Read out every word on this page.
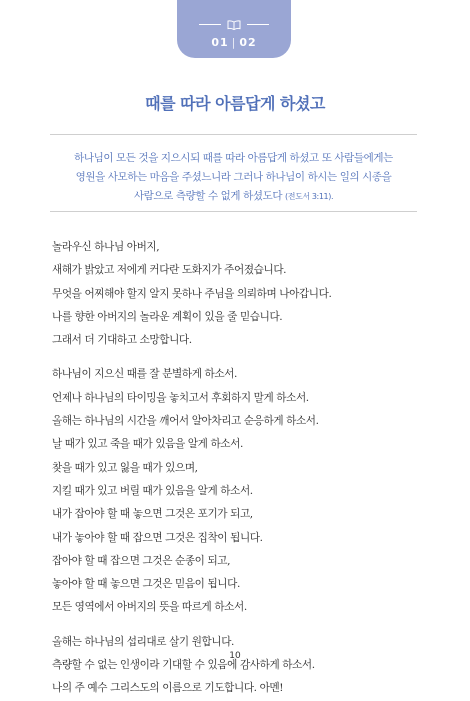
01 | 02
때를 따라 아름답게 하셨고
하나님이 모든 것을 지으시되 때를 따라 아름답게 하셨고 또 사람들에게는
영원을 사모하는 마음을 주셨느니라 그러나 하나님이 하시는 일의 시종을
사람으로 측량할 수 없게 하셨도다 (전도서 3:11).

놀라우신 하나님 아버지,
새해가 밝았고 저에게 커다란 도화지가 주어졌습니다.
무엇을 어찌해야 할지 알지 못하나 주님을 의뢰하며 나아갑니다.
나를 향한 아버지의 놀라운 계획이 있을 줄 믿습니다.
그래서 더 기대하고 소망합니다.

하나님이 지으신 때를 잘 분별하게 하소서.
언제나 하나님의 타이밍을 놓치고서 후회하지 말게 하소서.
올해는 하나님의 시간을 깨어서 알아차리고 순응하게 하소서.
날 때가 있고 죽을 때가 있음을 알게 하소서.
찾을 때가 있고 잃을 때가 있으며,
지킬 때가 있고 버릴 때가 있음을 알게 하소서.
내가 잡아야 할 때 놓으면 그것은 포기가 되고,
내가 놓아야 할 때 잡으면 그것은 집착이 됩니다.
잡아야 할 때 잡으면 그것은 순종이 되고,
놓아야 할 때 놓으면 그것은 믿음이 됩니다.
모든 영역에서 아버지의 뜻을 따르게 하소서.

올해는 하나님의 섭리대로 살기 원합니다.
측량할 수 없는 인생이라 기대할 수 있음에 감사하게 하소서.
나의 주 예수 그리스도의 이름으로 기도합니다. 아멘!

10
